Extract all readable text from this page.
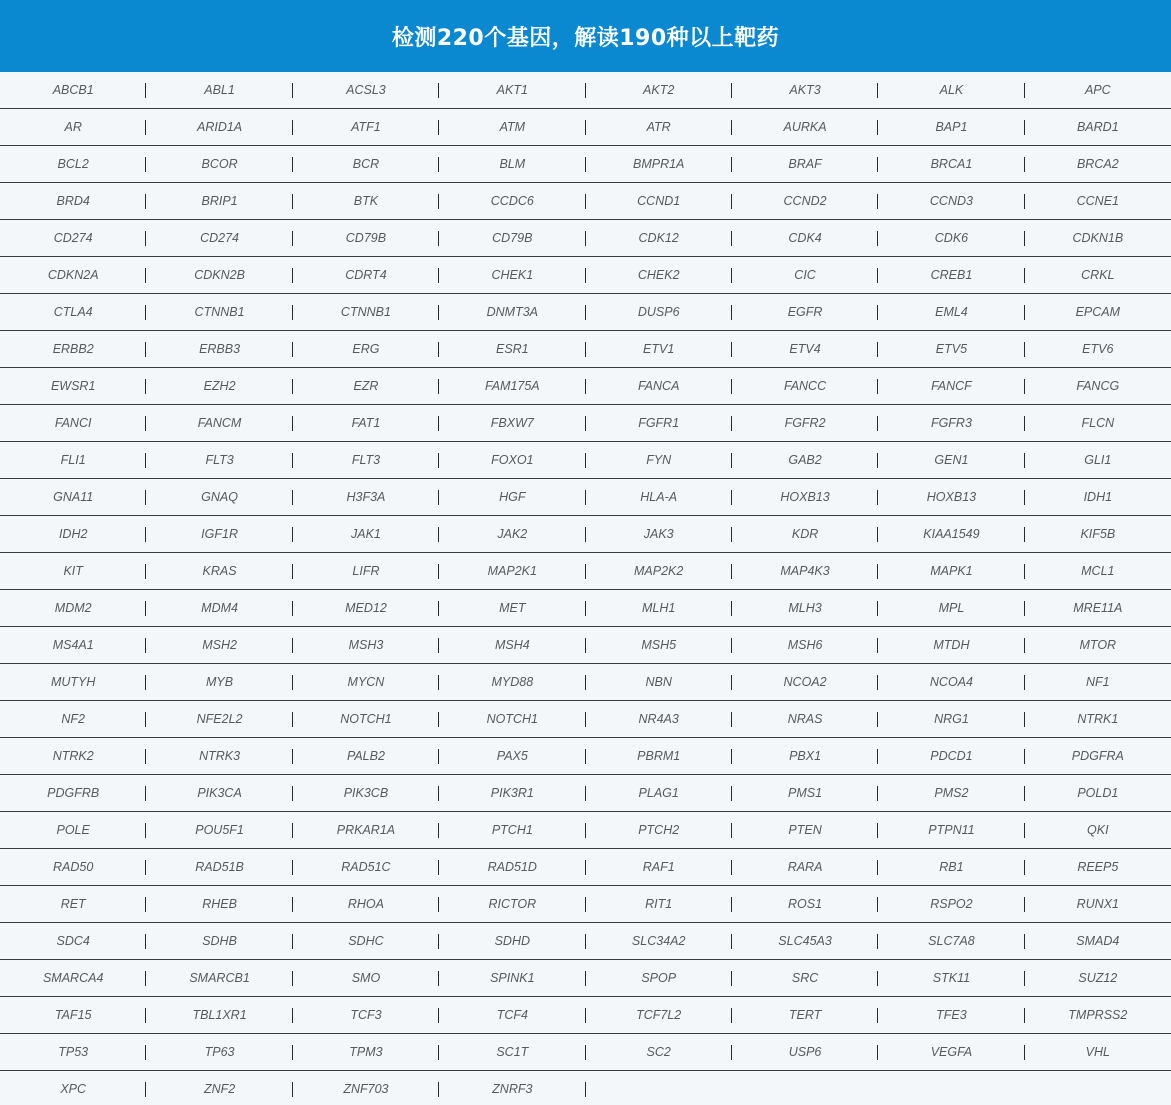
检测220个基因，解读190种以上靶药
ABCB1	ABL1	ACSL3	AKT1	AKT2	AKT3	ALK	APC
AR	ARID1A	ATF1	ATM	ATR	AURKA	BAP1	BARD1
BCL2	BCOR	BCR	BLM	BMPR1A	BRAF	BRCA1	BRCA2
BRD4	BRIP1	BTK	CCDC6	CCND1	CCND2	CCND3	CCNE1
CD274	CD274	CD79B	CD79B	CDK12	CDK4	CDK6	CDKN1B
CDKN2A	CDKN2B	CDRT4	CHEK1	CHEK2	CIC	CREB1	CRKL
CTLA4	CTNNB1	CTNNB1	DNMT3A	DUSP6	EGFR	EML4	EPCAM
ERBB2	ERBB3	ERG	ESR1	ETV1	ETV4	ETV5	ETV6
EWSR1	EZH2	EZR	FAM175A	FANCA	FANCC	FANCF	FANCG
FANCI	FANCM	FAT1	FBXW7	FGFR1	FGFR2	FGFR3	FLCN
FLI1	FLT3	FLT3	FOXO1	FYN	GAB2	GEN1	GLI1
GNA11	GNAQ	H3F3A	HGF	HLA-A	HOXB13	HOXB13	IDH1
IDH2	IGF1R	JAK1	JAK2	JAK3	KDR	KIAA1549	KIF5B
KIT	KRAS	LIFR	MAP2K1	MAP2K2	MAP4K3	MAPK1	MCL1
MDM2	MDM4	MED12	MET	MLH1	MLH3	MPL	MRE11A
MS4A1	MSH2	MSH3	MSH4	MSH5	MSH6	MTDH	MTOR
MUTYH	MYB	MYCN	MYD88	NBN	NCOA2	NCOA4	NF1
NF2	NFE2L2	NOTCH1	NOTCH1	NR4A3	NRAS	NRG1	NTRK1
NTRK2	NTRK3	PALB2	PAX5	PBRM1	PBX1	PDCD1	PDGFRA
PDGFRB	PIK3CA	PIK3CB	PIK3R1	PLAG1	PMS1	PMS2	POLD1
POLE	POU5F1	PRKAR1A	PTCH1	PTCH2	PTEN	PTPN11	QKI
RAD50	RAD51B	RAD51C	RAD51D	RAF1	RARA	RB1	REEP5
RET	RHEB	RHOA	RICTOR	RIT1	ROS1	RSPO2	RUNX1
SDC4	SDHB	SDHC	SDHD	SLC34A2	SLC45A3	SLC7A8	SMAD4
SMARCA4	SMARCB1	SMO	SPINK1	SPOP	SRC	STK11	SUZ12
TAF15	TBL1XR1	TCF3	TCF4	TCF7L2	TERT	TFE3	TMPRSS2
TP53	TP63	TPM3	SC1T	SC2	USP6	VEGFA	VHL
XPC	ZNF2	ZNF703	ZNRF3
